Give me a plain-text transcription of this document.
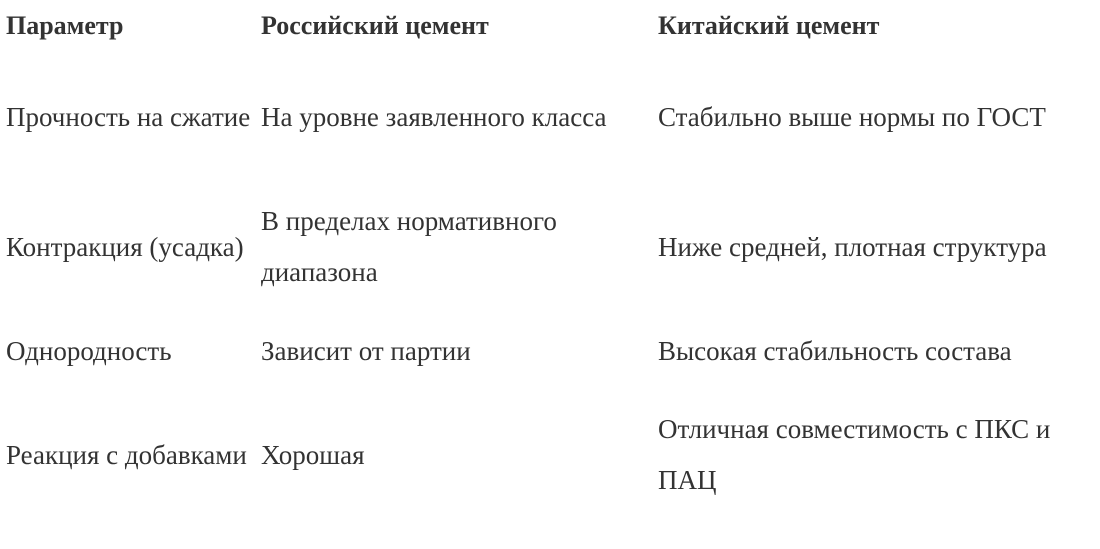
Параметр	Российский цемент	Китайский цемент
Прочность на сжатие	На уровне заявленного класса	Стабильно выше нормы по ГОСТ
Контракция (усадка)	В пределах нормативного диапазона	Ниже средней, плотная структура
Однородность	Зависит от партии	Высокая стабильность состава
Реакция с добавками	Хорошая	Отличная совместимость с ПКС и ПАЦ
